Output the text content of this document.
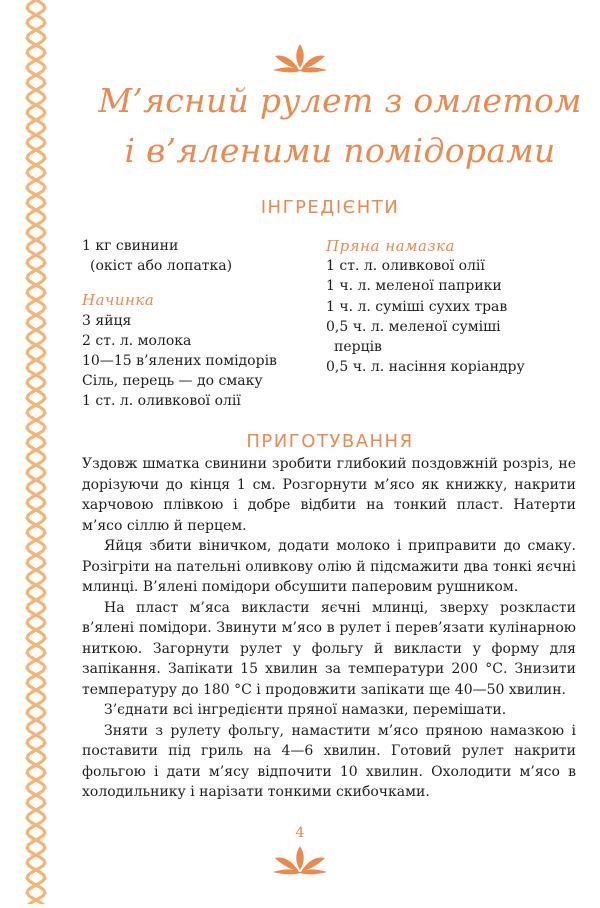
М’ясний рулет з омлетом
і в’яленими помідорами
ІНГРЕДІЄНТИ
1 кг свинини
(окіст або лопатка)
Начинка
3 яйця
2 ст. л. молока
10—15 в’ялених помідорів
Сіль, перець — до смаку
1 ст. л. оливкової олії
Пряна намазка
1 ст. л. оливкової олії
1 ч. л. меленої паприки
1 ч. л. суміші сухих трав
0,5 ч. л. меленої суміші
перців
0,5 ч. л. насіння коріандру
ПРИГОТУВАННЯ

Уздовж шматка свинини зробити глибокий поздовжній розріз, не дорізуючи до кінця 1 см. Розгорнути м’ясо як книжку, накрити харчовою плівкою і добре відбити на тонкий пласт. Натерти м’ясо сіллю й перцем.

Яйця збити віничком, додати молоко і приправити до смаку. Розігріти на пательні оливкову олію й підсмажити два тонкі яєчні млинці. В’ялені помідори обсушити паперовим рушником.

На пласт м’яса викласти яєчні млинці, зверху розкласти в’ялені помідори. Звинути м’ясо в рулет і перев’язати кулінарною ниткою. Загорнути рулет у фольгу й викласти у форму для запікання. Запікати 15 хвилин за температури 200 °С. Знизити температуру до 180 °С і продовжити запікати ще 40—50 хвилин.

З’єднати всі інгредієнти пряної намазки, перемішати.

Зняти з рулету фольгу, намастити м’ясо пряною намазкою і поставити під гриль на 4—6 хвилин. Готовий рулет накрити фольгою і дати м’ясу відпочити 10 хвилин. Охолодити м’ясо в холодильнику і нарізати тонкими скибочками.

4
